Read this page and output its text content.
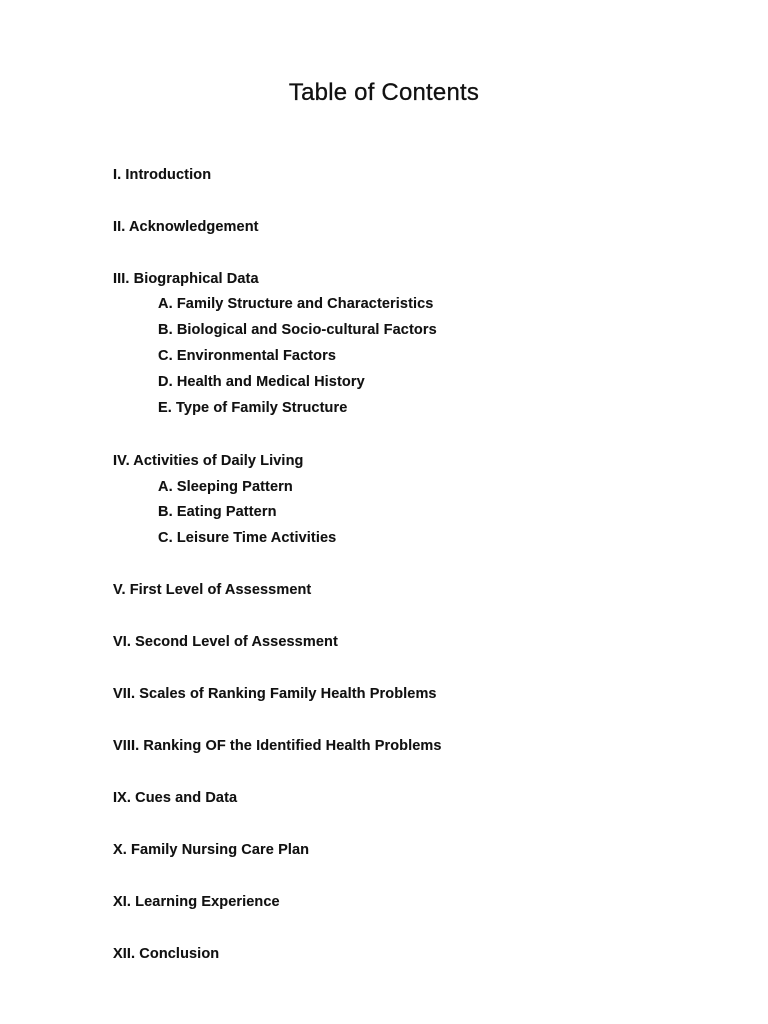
Table of Contents
I. Introduction
II. Acknowledgement
III. Biographical Data
A. Family Structure and Characteristics
B. Biological and Socio-cultural Factors
C. Environmental Factors
D. Health and Medical History
E. Type of Family Structure
IV. Activities of Daily Living
A. Sleeping Pattern
B. Eating Pattern
C. Leisure Time Activities
V. First Level of Assessment
VI. Second Level of Assessment
VII. Scales of Ranking Family Health Problems
VIII. Ranking OF the Identified Health Problems
IX. Cues and Data
X. Family Nursing Care Plan
XI. Learning Experience
XII. Conclusion
